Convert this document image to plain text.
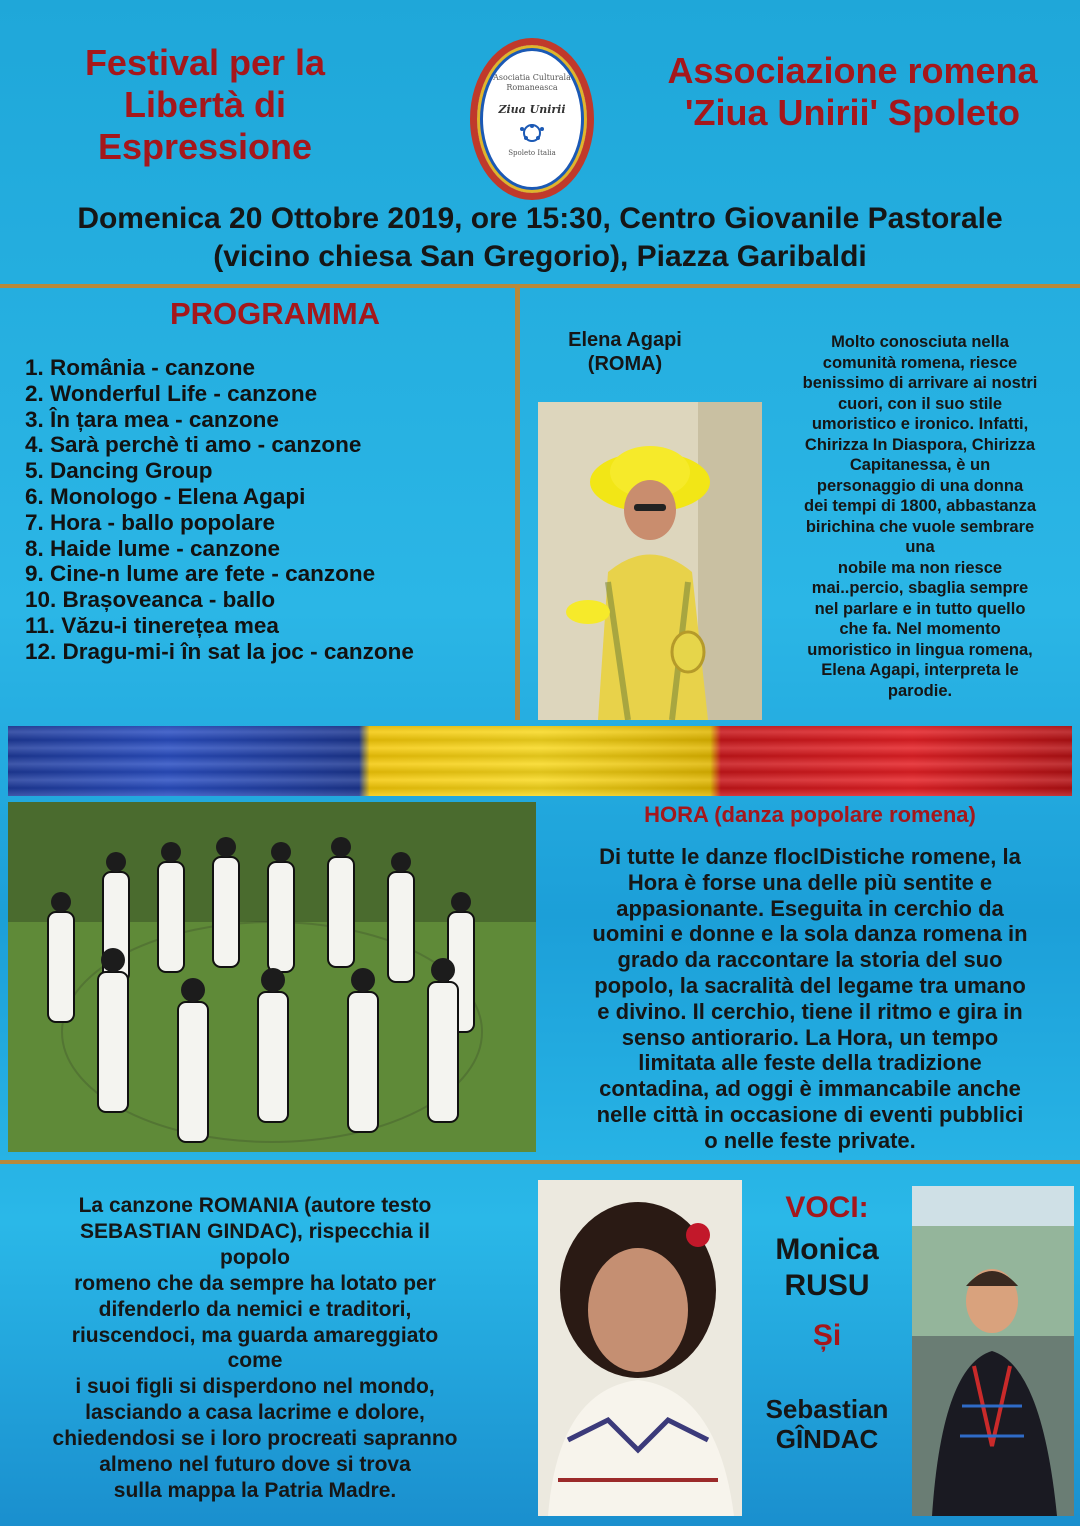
Festival per la Libertà di Espressione
Asociatia Culturala Romaneasca
Ziua Unirii
Spoleto Italia
Associazione romena 'Ziua Unirii' Spoleto
Domenica 20 Ottobre 2019, ore 15:30, Centro Giovanile Pastorale (vicino chiesa San Gregorio), Piazza Garibaldi
PROGRAMMA
1. România - canzone
2. Wonderful Life - canzone
3. În țara mea - canzone
4. Sarà perchè ti amo - canzone
5. Dancing Group
6. Monologo - Elena Agapi
7. Hora - ballo popolare
8. Haide lume - canzone
9. Cine-n lume are fete - canzone
10. Brașoveanca - ballo
11. Văzu-i tinerețea mea
12. Dragu-mi-i în sat la joc - canzone
Elena Agapi
(ROMA)
Molto conosciuta nella
comunità romena, riesce
benissimo di arrivare ai nostri
cuori, con il suo stile
umoristico e ironico. Infatti,
Chirizza In Diaspora, Chirizza
Capitanessa, è un
personaggio di una donna
dei tempi di 1800, abbastanza
birichina che vuole sembrare
una
nobile ma non riesce
mai..percio, sbaglia sempre
nel parlare e in tutto quello
che fa. Nel momento
umoristico in lingua romena,
Elena Agapi, interpreta le
parodie.
HORA (danza popolare romena)
Di tutte le danze floclDistiche romene, la
Hora è forse una delle più sentite e
appasionante. Eseguita in cerchio da
uomini e donne e la sola danza romena in
grado da raccontare la storia del suo
popolo, la sacralità del legame tra umano
e divino. Il cerchio, tiene il ritmo e gira in
senso antiorario. La Hora, un tempo
limitata alle feste della tradizione
contadina, ad oggi è immancabile anche
nelle città in occasione di eventi pubblici
o nelle feste private.
La canzone ROMANIA (autore testo
SEBASTIAN GINDAC), rispecchia il
popolo
romeno che da sempre ha lotato per
difenderlo da nemici e traditori,
riuscendoci, ma guarda amareggiato
come
i suoi figli si disperdono nel mondo,
lasciando a casa lacrime e dolore,
chiedendosi se i loro procreati sapranno
almeno nel futuro dove si trova
sulla mappa la Patria Madre.
VOCI:
Monica
RUSU
Și
Sebastian
GÎNDAC
